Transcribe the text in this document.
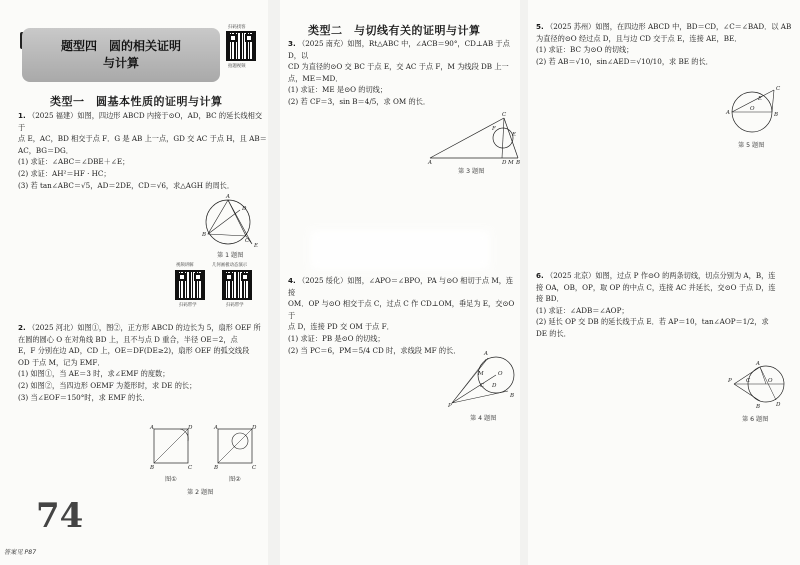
题型四　圆的相关证明
与计算
扫码找客
拍题视频
类型一　圆基本性质的证明与计算

1. （2025 福建）如图，四边形 ABCD 内接于⊙O，AD，BC 的延长线相交于

点 E，AC，BD 相交于点 F．G 是 AB 上一点，GD 交 AC 于点 H，且 AB＝

AC，BG＝DG．

(1) 求证：∠ABC＝∠DBE＋∠E；

(2) 求证：AH²＝HF · HC；

(3) 若 tan∠ABC＝√5，AD＝2DE，CD＝√6，求△AGH 的周长．

A
B
C
E
D
第 1 题图
视频讲解
扫码带学
几何画板动态演示
扫码带学

2. （2025 河北）如图①，图②，正方形 ABCD 的边长为 5，扇形 OEF 所

在圆的圆心 O 在对角线 BD 上，且不与点 D 重合，半径 OE＝2，点

E，F 分别在边 AD，CD 上，OE＝DF(DE≥2)，扇形 OEF 的弧交线段

OD 于点 M，记为 EMF．

(1) 如图①，当 AE＝3 时，求∠EMF 的度数；

(2) 如图②，当四边形 OEMF 为菱形时，求 DE 的长；

(3) 当∠EOF＝150°时，求 EMF 的长．

A
B	C
D	A
B	C
D
图①	图②
第 2 题图
74
答案见 P87
类型二　与切线有关的证明与计算

3. （2025 南充）如图，Rt△ABC 中，∠ACB＝90°，CD⊥AB 于点 D，以

CD 为直径的⊙O 交 BC 于点 E，交 AC 于点 F，M 为线段 DB 上一

点，ME＝MD．

(1) 求证：ME 是⊙O 的切线；

(2) 若 CF＝3，sin B＝4/5，求 OM 的长．

A	D M B
C
F
E
第 3 题图

4. （2025 绥化）如图，∠APO＝∠BPO，PA 与⊙O 相切于点 M，连接

OM．OP 与⊙O 相交于点 C，过点 C 作 CD⊥OM，垂足为 E，交⊙O 于

点 D，连接 PD 交 OM 于点 F．

(1) 求证：PB 是⊙O 的切线；

(2) 当 PC＝6，PM＝5/4 CD 时，求线段 MF 的长．

P
A
B
O
M
C D
第 4 题图

5. （2025 苏州）如图，在四边形 ABCD 中，BD＝CD，∠C＝∠BAD．以 AB

为直径的⊙O 经过点 D，且与边 CD 交于点 E，连接 AE，BE．

(1) 求证：BC 为⊙O 的切线；

(2) 若 AB＝√10，sin∠AED＝√10/10，求 BE 的长．

A	B
C
O
E
第 5 题图

6. （2025 北京）如图，过点 P 作⊙O 的两条切线，切点分别为 A，B，连

接 OA，OB，OP，取 OP 的中点 C，连接 AC 并延长，交⊙O 于点 D，连

接 BD．

(1) 求证：∠ADB＝∠AOP；

(2) 延长 OP 交 DB 的延长线于点 E．若 AP＝10，tan∠AOP＝1/2，求

DE 的长．

P
A
B
O
C
D
第 6 题图
